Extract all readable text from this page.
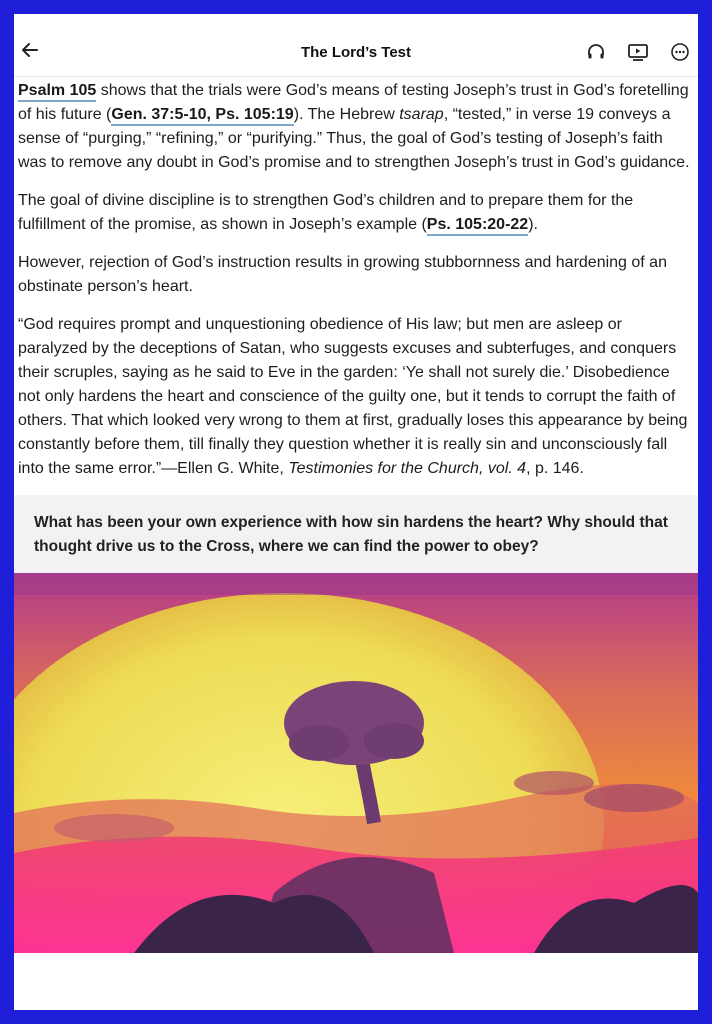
The Lord’s Test

Psalm 105 shows that the trials were God’s means of testing Joseph’s trust in God’s foretelling of his future (Gen. 37:5-10, Ps. 105:19). The Hebrew tsarap, “tested,” in verse 19 conveys a sense of “purging,” “refining,” or “purifying.” Thus, the goal of God’s testing of Joseph’s faith was to remove any doubt in God’s promise and to strengthen Joseph’s trust in God’s guidance.

The goal of divine discipline is to strengthen God’s children and to prepare them for the fulfillment of the promise, as shown in Joseph’s example (Ps. 105:20-22).

However, rejection of God’s instruction results in growing stubbornness and hardening of an obstinate person’s heart.

“God requires prompt and unquestioning obedience of His law; but men are asleep or paralyzed by the deceptions of Satan, who suggests excuses and subterfuges, and conquers their scruples, saying as he said to Eve in the garden: ‘Ye shall not surely die.’ Disobedience not only hardens the heart and conscience of the guilty one, but it tends to corrupt the faith of others. That which looked very wrong to them at first, gradually loses this appearance by being constantly before them, till finally they question whether it is really sin and unconsciously fall into the same error.”—Ellen G. White, Testimonies for the Church, vol. 4, p. 146.

What has been your own experience with how sin hardens the heart? Why should that thought drive us to the Cross, where we can find the power to obey?
